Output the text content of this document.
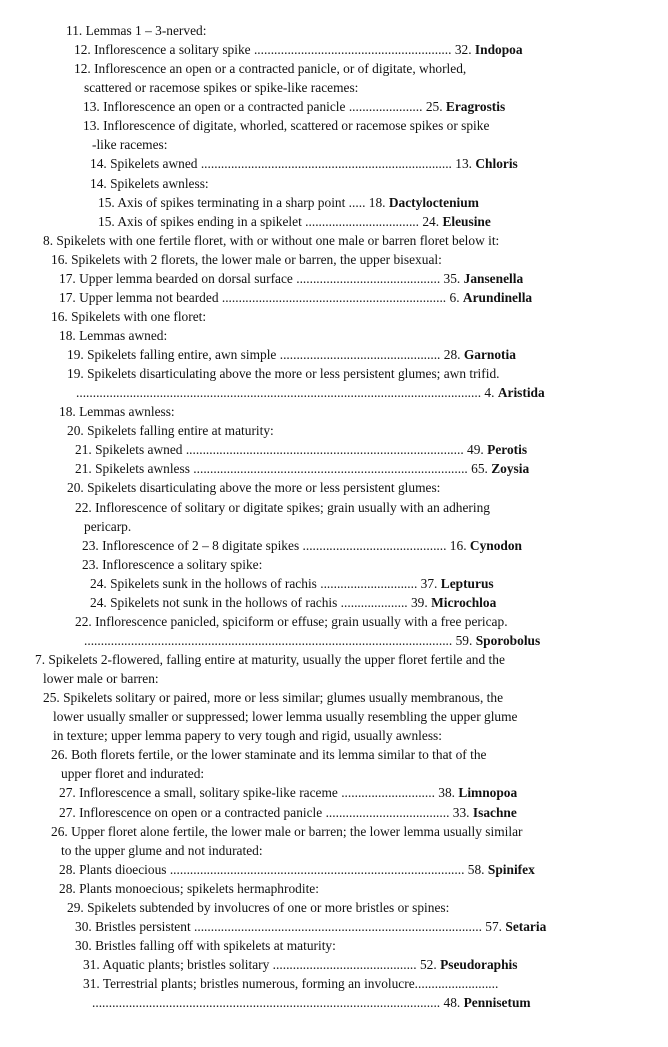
11. Lemmas 1 – 3-nerved:
12. Inflorescence a solitary spike ........................................................... 32. Indopoa
12. Inflorescence an open or a contracted panicle, or of digitate, whorled,
scattered or racemose spikes or spike-like racemes:
13. Inflorescence an open or a contracted panicle ...................... 25. Eragrostis
13. Inflorescence of digitate, whorled, scattered or racemose spikes or spike
-like racemes:
14. Spikelets awned ........................................................................... 13. Chloris
14. Spikelets awnless:
15. Axis of spikes terminating in a sharp point ..... 18. Dactyloctenium
15. Axis of spikes ending in a spikelet .................................. 24. Eleusine
8. Spikelets with one fertile floret, with or without one male or barren floret below it:
16. Spikelets with 2 florets, the lower male or barren, the upper bisexual:
17. Upper lemma bearded on dorsal surface ........................................... 35. Jansenella
17. Upper lemma not bearded ................................................................... 6. Arundinella
16. Spikelets with one floret:
18. Lemmas awned:
19. Spikelets falling entire, awn simple ................................................ 28. Garnotia
19. Spikelets disarticulating above the more or less persistent glumes; awn trifid.
......................................................................................................................... 4. Aristida
18. Lemmas awnless:
20. Spikelets falling entire at maturity:
21. Spikelets awned ................................................................................... 49. Perotis
21. Spikelets awnless .................................................................................. 65. Zoysia
20. Spikelets disarticulating above the more or less persistent glumes:
22. Inflorescence of solitary or digitate spikes; grain usually with an adhering
pericarp.
23. Inflorescence of 2 – 8 digitate spikes ........................................... 16. Cynodon
23. Inflorescence a solitary spike:
24. Spikelets sunk in the hollows of rachis ............................. 37. Lepturus
24. Spikelets not sunk in the hollows of rachis .................... 39. Microchloa
22. Inflorescence panicled, spiciform or effuse; grain usually with a free pericap.
.............................................................................................................. 59. Sporobolus
7. Spikelets 2-flowered, falling entire at maturity, usually the upper floret fertile and the
lower male or barren:
25. Spikelets solitary or paired, more or less similar; glumes usually membranous, the
lower usually smaller or suppressed; lower lemma usually resembling the upper glume
in texture; upper lemma papery to very tough and rigid, usually awnless:
26. Both florets fertile, or the lower staminate and its lemma similar to that of the
upper floret and indurated:
27. Inflorescence a small, solitary spike-like raceme ............................ 38. Limnopoa
27. Inflorescence on open or a contracted panicle ..................................... 33. Isachne
26. Upper floret alone fertile, the lower male or barren; the lower lemma usually similar
to the upper glume and not indurated:
28. Plants dioecious ........................................................................................ 58. Spinifex
28. Plants monoecious; spikelets hermaphrodite:
29. Spikelets subtended by involucres of one or more bristles or spines:
30. Bristles persistent ...................................................................................... 57. Setaria
30. Bristles falling off with spikelets at maturity:
31. Aquatic plants; bristles solitary ........................................... 52. Pseudoraphis
31. Terrestrial plants; bristles numerous, forming an involucre.........................
........................................................................................................ 48. Pennisetum
